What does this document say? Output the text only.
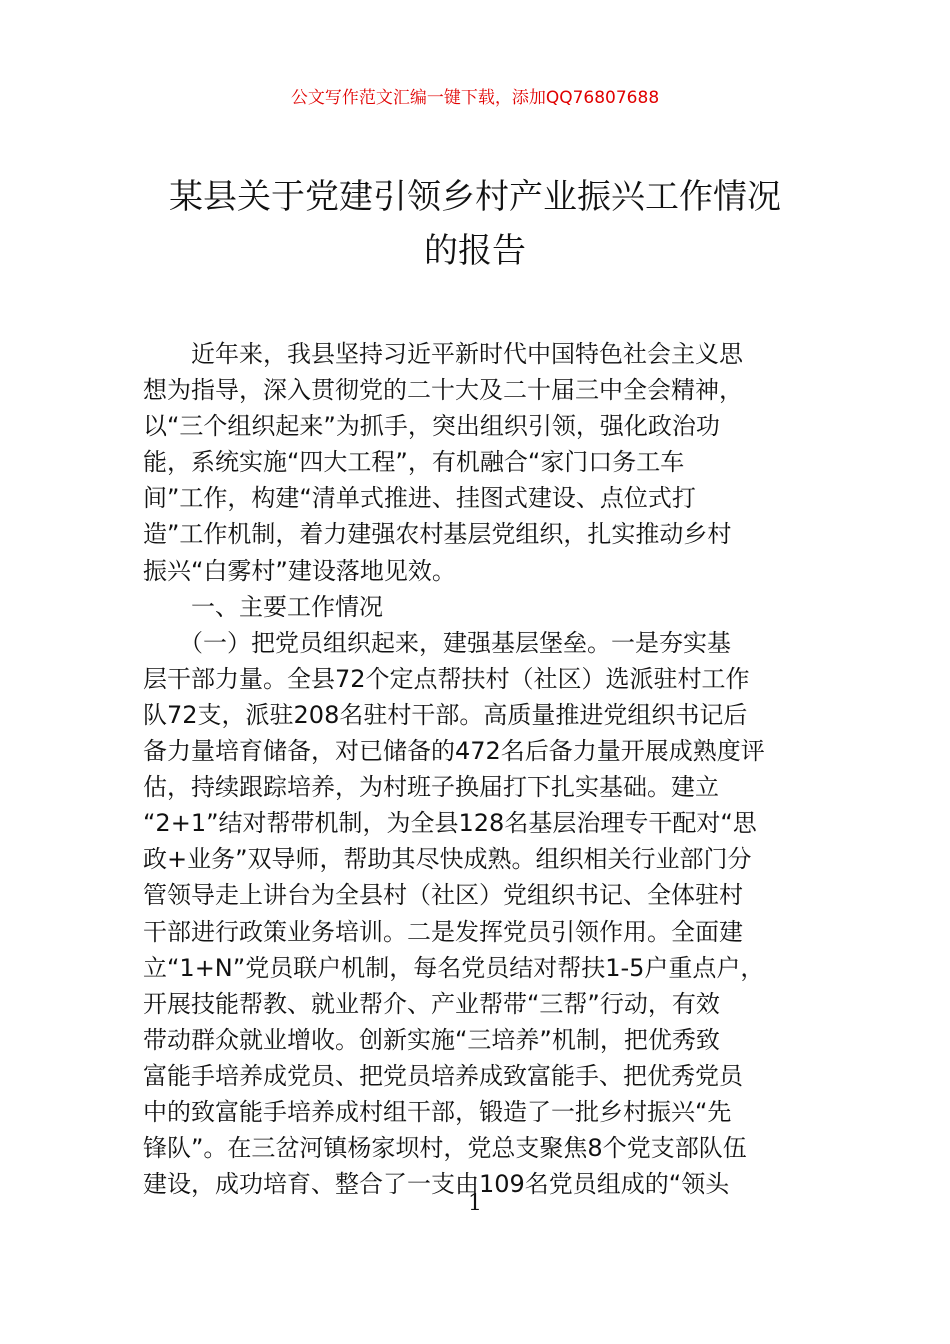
公文写作范文汇编一键下载，添加QQ76807688
某县关于党建引领乡村产业振兴工作情况
的报告
　　近年来，我县坚持习近平新时代中国特色社会主义思
想为指导，深入贯彻党的二十大及二十届三中全会精神，
以“三个组织起来”为抓手，突出组织引领，强化政治功
能，系统实施“四大工程”，有机融合“家门口务工车
间”工作，构建“清单式推进、挂图式建设、点位式打
造”工作机制，着力建强农村基层党组织，扎实推动乡村
振兴“白雾村”建设落地见效。
　　一、主要工作情况
　　（一）把党员组织起来，建强基层堡垒。一是夯实基
层干部力量。全县72个定点帮扶村（社区）选派驻村工作
队72支，派驻208名驻村干部。高质量推进党组织书记后
备力量培育储备，对已储备的472名后备力量开展成熟度评
估，持续跟踪培养，为村班子换届打下扎实基础。建立
“2+1”结对帮带机制，为全县128名基层治理专干配对“思
政+业务”双导师，帮助其尽快成熟。组织相关行业部门分
管领导走上讲台为全县村（社区）党组织书记、全体驻村
干部进行政策业务培训。二是发挥党员引领作用。全面建
立“1+N”党员联户机制，每名党员结对帮扶1-5户重点户，
开展技能帮教、就业帮介、产业帮带“三帮”行动，有效
带动群众就业增收。创新实施“三培养”机制，把优秀致
富能手培养成党员、把党员培养成致富能手、把优秀党员
中的致富能手培养成村组干部，锻造了一批乡村振兴“先
锋队”。在三岔河镇杨家坝村，党总支聚焦8个党支部队伍
建设，成功培育、整合了一支由109名党员组成的“领头
1
